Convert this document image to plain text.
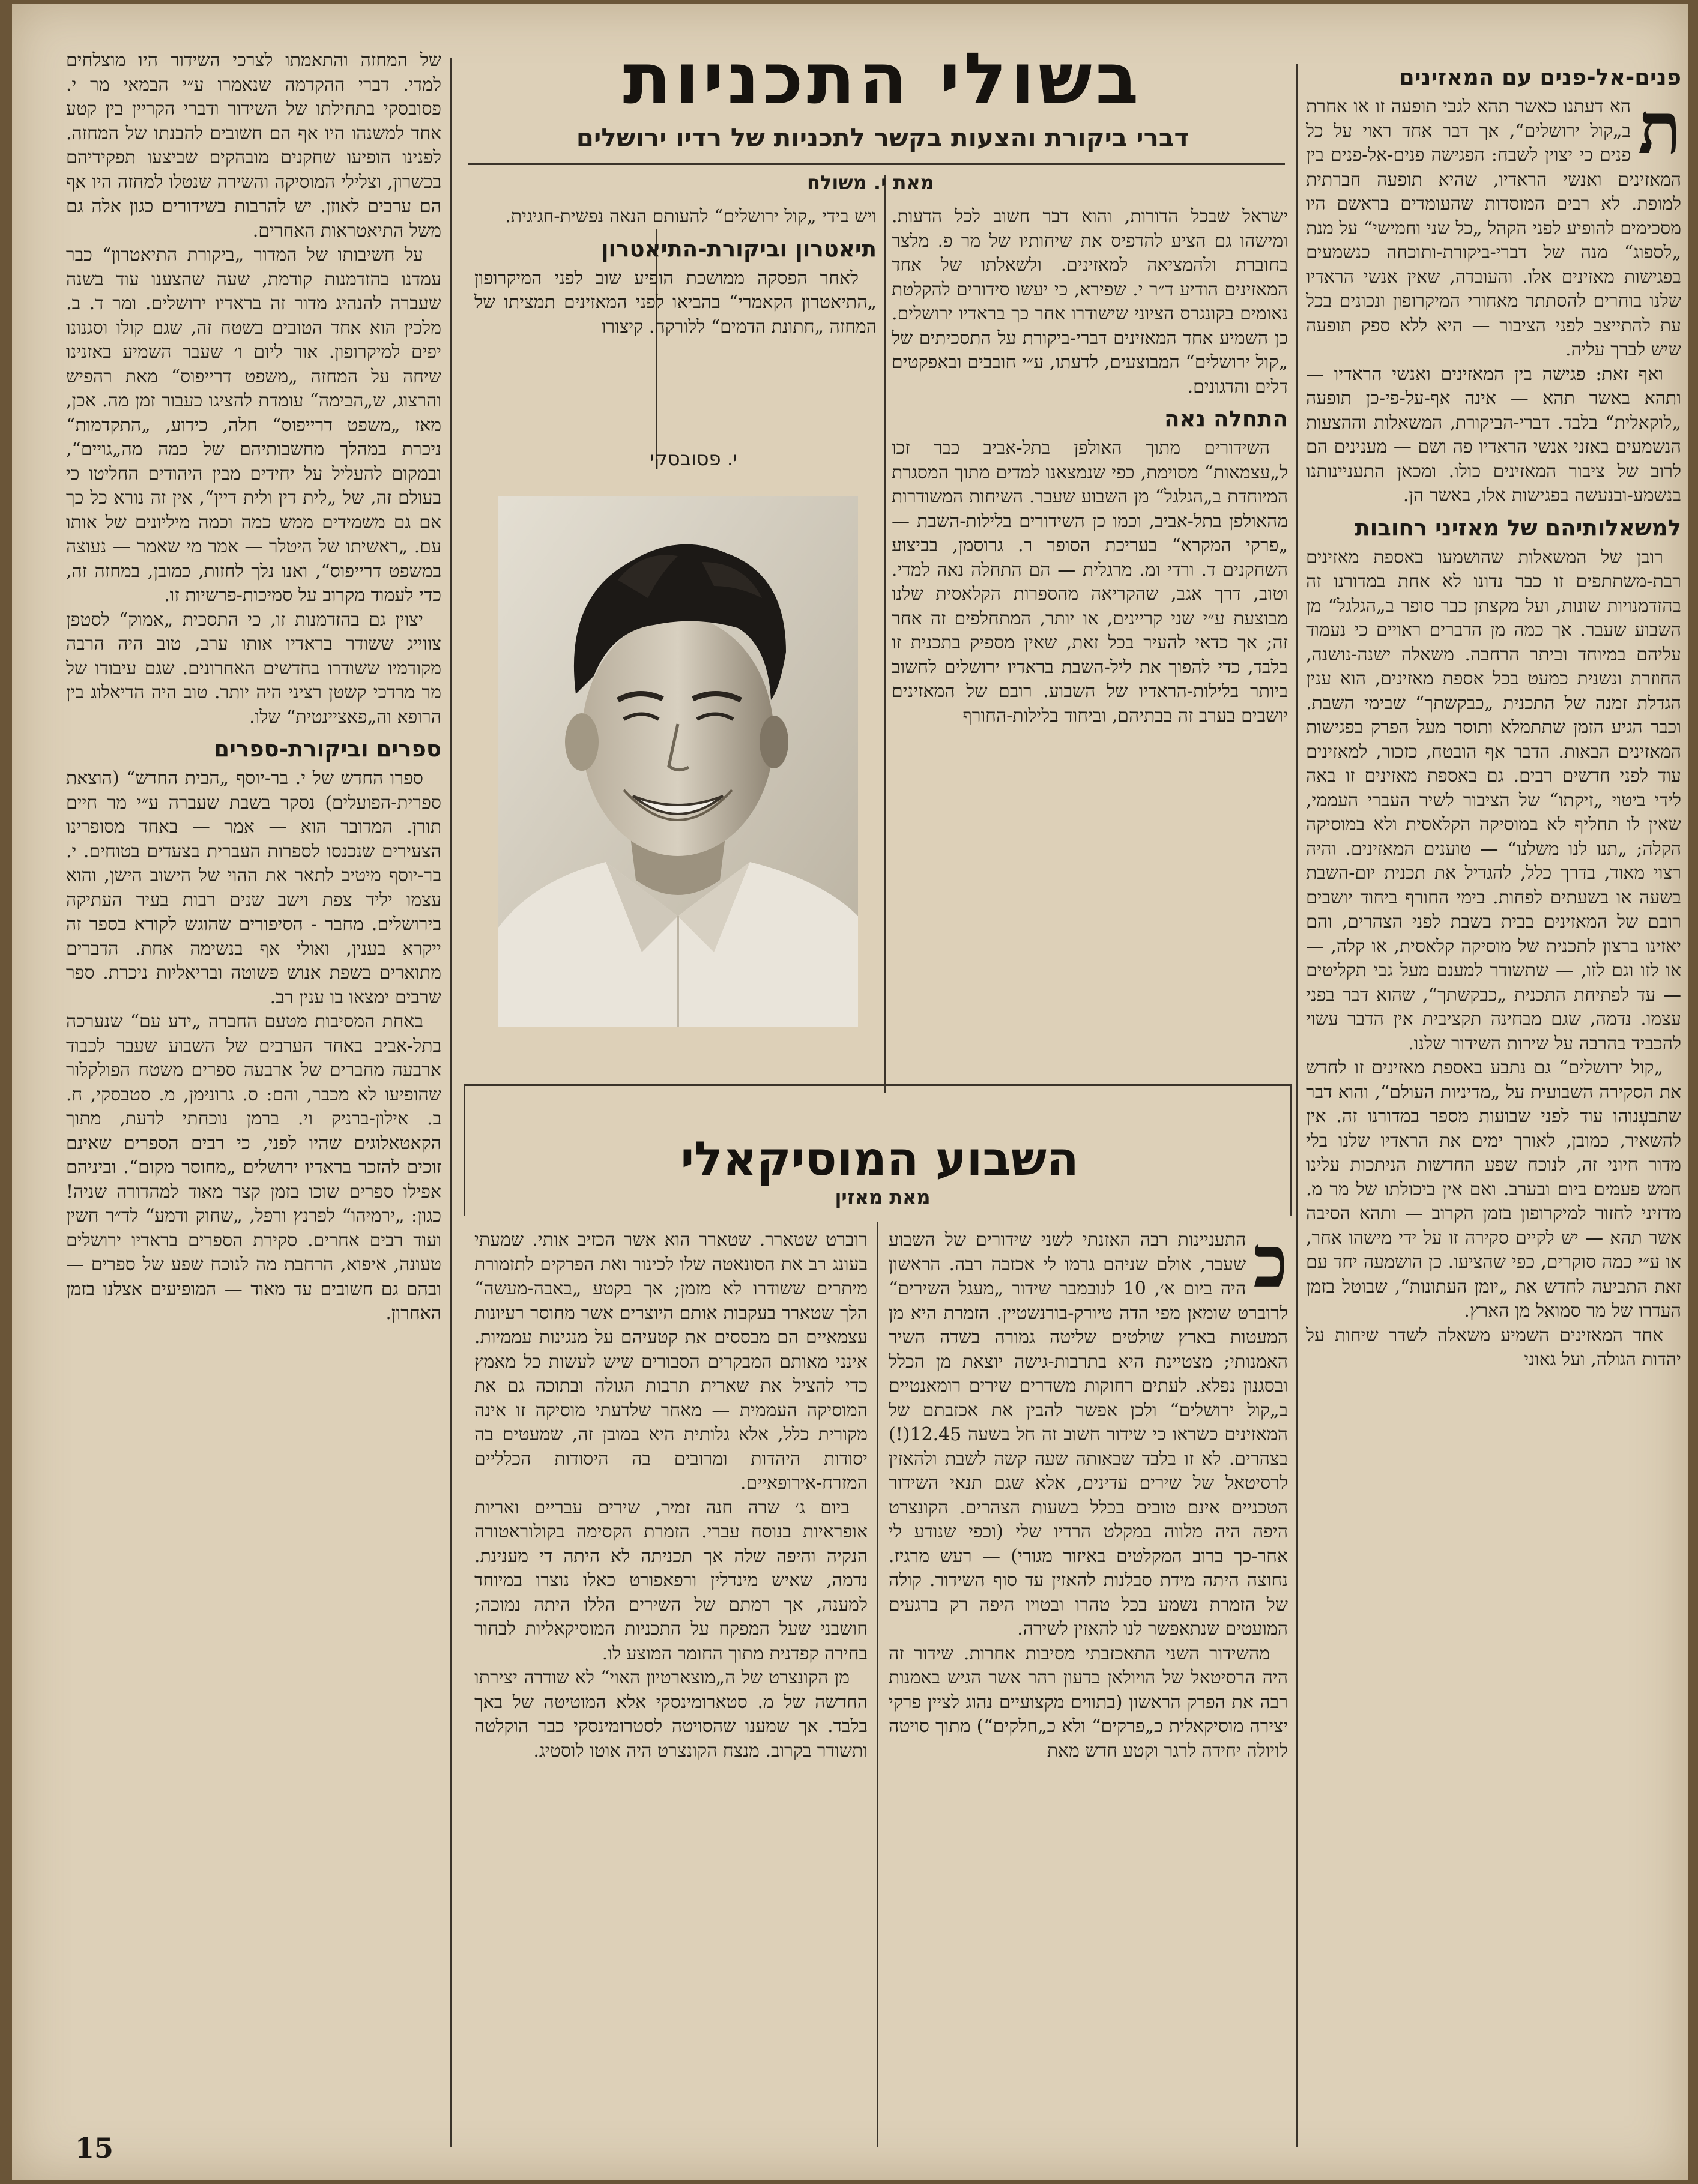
בשולי התכניות
דברי ביקורת והצעות בקשר לתכניות של רדיו ירושלים
מאת י. משולח
פנים-אל-פנים עם המאזינים
ת

הא דעתנו כאשר תהא לגבי תופעה זו או אחרת ב„קול ירושלים“, אך דבר אחד ראוי על כל פנים כי יצוין לשבח: הפגישה פנים-אל-פנים בין המאזינים ואנשי הראדיו, שהיא תופעה חברתית למופת. לא רבים המוסדות שהעומדים בראשם היו מסכימים להופיע לפני הקהל „כל שני וחמישי“ על מנת „לספוג“ מנה של דברי-ביקורת-ותוכחה כנשמעים בפגישות מאזינים אלו. והעובדה, שאין אנשי הראדיו שלנו בוחרים להסתתר מאחורי המיקרופון ונכונים בכל עת להתייצב לפני הציבור — היא ללא ספק תופעה שיש לברך עליה.

ואף זאת: פגישה בין המאזינים ואנשי הראדיו — ותהא באשר תהא — אינה אף-על-פי-כן תופעה „לוקאלית“ בלבד. דברי-הביקורת, המשאלות וההצעות הנשמעים באזני אנשי הראדיו פה ושם — מענינים הם לרוב של ציבור המאזינים כולו. ומכאן התעניינותנו בנשמע-ובנעשה בפגישות אלו, באשר הן.

למשאלותיהם של מאזיני רחובות

רובן של המשאלות שהושמעו באספת מאזינים רבת-משתתפים זו כבר נדונו לא אחת במדורנו זה בהזדמנויות שונות, ועל מקצתן כבר סופר ב„הגלגל“ מן השבוע שעבר. אך כמה מן הדברים ראויים כי נעמוד עליהם במיוחד וביתר הרחבה. משאלה ישנה-נושנה, החוזרת ונשנית כמעט בכל אספת מאזינים, הוא ענין הגדלת זמנה של התכנית „כבקשתך“ שבימי השבת. וכבר הגיע הזמן שתתמלא ותוסר מעל הפרק בפגישות המאזינים הבאות. הדבר אף הובטח, כזכור, למאזינים עוד לפני חדשים רבים. גם באספת מאזינים זו באה לידי ביטוי „זיקתו“ של הציבור לשיר העברי העממי, שאין לו תחליף לא במוסיקה הקלאסית ולא במוסיקה הקלה; „תנו לנו משלנו“ — טוענים המאזינים. והיה רצוי מאוד, בדרך כלל, להגדיל את תכנית יום-השבת בשעה או בשעתים לפחות. בימי החורף ביחוד יושבים רובם של המאזינים בבית בשבת לפני הצהרים, והם יאזינו ברצון לתכנית של מוסיקה קלאסית, או קלה, — או לזו וגם לזו, — שתשודר למענם מעל גבי תקליטים — עד לפתיחת התכנית „כבקשתך“, שהוא דבר בפני עצמו. נדמה, שגם מבחינה תקציבית אין הדבר עשוי להכביד בהרבה על שירות השידור שלנו.

„קול ירושלים“ גם נתבע באספת מאזינים זו לחדש את הסקירה השבועית על „מדיניות העולם“, והוא דבר שתבעְנוהו עוד לפני שבועות מספר במדורנו זה. אין להשאיר, כמובן, לאורך ימים את הראדיו שלנו בלי מדור חיוני זה, לנוכח שפע החדשות הניתכות עלינו חמש פעמים ביום ובערב. ואם אין ביכולתו של מר מ. מדזיני לחזור למיקרופון בזמן הקרוב — ותהא הסיבה אשר תהא — יש לקיים סקירה זו על ידי מישהו אחר, או ע״י כמה סוקרים, כפי שהציעו. כן הושמעה יחד עם זאת התביעה לחדש את „יומן העתונות“, שבוטל בזמן העדרו של מר סמואל מן הארץ.

אחד המאזינים השמיע משאלה לשדר שיחות על יהדות הגולה, ועל גאוני

ישראל שבכל הדורות, והוא דבר חשוב לכל הדעות. ומישהו גם הציע להדפיס את שיחותיו של מר פ. מלצר בחוברת ולהמציאה למאזינים. ולשאלתו של אחד המאזינים הודיע ד״ר י. שפירא, כי יעשו סידורים להקלטת נאומים בקונגרס הציוני שישודרו אחר כך בראדיו ירושלים. כן השמיע אחד המאזינים דברי-ביקורת על התסכיתים של „קול ירושלים“ המבוצעים, לדעתו, ע״י חובבים ובאפקטים דלים והדגונים.

התחלה נאה

השידורים מתוך האולפן בתל-אביב כבר זכו ל„עצמאות“ מסוימת, כפי שנמצאנו למדים מתוך המסגרת המיוחדת ב„הגלגל“ מן השבוע שעבר. השיחות המשודרות מהאולפן בתל-אביב, וכמו כן השידורים בלילות-השבת — „פרקי המקרא“ בעריכת הסופר ר. גרוסמן, בביצוע השחקנים ד. ורדי ומ. מרגלית — הם התחלה נאה למדי. וטוב, דרך אגב, שהקריאה מהספרות הקלאסית שלנו מבוצעת ע״י שני קריינים, או יותר, המתחלפים זה אחר זה; אך כדאי להעיר בכל זאת, שאין מספיק בתכנית זו בלבד, כדי להפוך את ליל-השבת בראדיו ירושלים לחשוב ביותר בלילות-הראדיו של השבוע. רובם של המאזינים יושבים בערב זה בבתיהם, וביחוד בלילות-החורף

ויש בידי „קול ירושלים“ להעותם הנאה נפשית-חגיגית.

תיאטרון וביקורת-התיאטרון

לאחר הפסקה ממושכת הופיע שוב לפני המיקרופון „התיאטרון הקאמרי“ בהביאו לפני המאזינים תמציתו של המחזה „חתונת הדמים“ ללורקה. קיצורו

י. פסובסקי
השבוע המוסיקאלי
מאת מאזין
כ

התעניינות רבה האזנתי לשני שידורים של השבוע שעבר, אולם שניהם גרמו לי אכזבה רבה. הראשון היה ביום א׳, 10 לנובמבר שידור „מעגל השירים“ לרוברט שומאן מפי הדה טיורק-בורנשטיין. הזמרת היא מן המעטות בארץ שולטים שליטה גמורה בשדה השיר האמנותי; מצטיינת היא בתרבות-גישה יוצאת מן הכלל ובסגנון נפלא. לעתים רחוקות משדרים שירים רומאנטיים ב„קול ירושלים“ ולכן אפשר להבין את אכזבתם של המאזינים כשראו כי שידור חשוב זה חל בשעה 12.45(!) בצהרים. לא זו בלבד שבאותה שעה קשה לשבת ולהאזין לרסיטאל של שירים עדינים, אלא שגם תנאי השידור הטכניים אינם טובים בכלל בשעות הצהרים. הקונצרט היפה היה מלווה במקלט הרדיו שלי (וכפי שנודע לי אחר-כך ברוב המקלטים באיזור מגורי) — רעש מרגיז. נחוצה היתה מידת סבלנות להאזין עד סוף השידור. קולה של הזמרת נשמע בכל טהרו ובטויו היפה רק ברגעים המועטים שנתאפשר לנו להאזין לשירה.

מהשידור השני התאכזבתי מסיבות אחרות. שידור זה היה הרסיטאל של הויולאן בדעון רהר אשר הגיש באמנות רבה את הפרק הראשון (בתווים מקצועיים נהוג לציין פרקי יצירה מוסיקאלית כ„פרקים“ ולא כ„חלקים“) מתוך סויטה לויולה יחידה לרגר וקטע חדש מאת

רוברט שטארר. שטארר הוא אשר הכזיב אותי. שמעתי בעונג רב את הסונאטה שלו לכינור ואת הפרקים לתזמורת מיתרים ששודרו לא מזמן; אך בקטע „באבה-מעשה“ הלך שטארר בעקבות אותם היוצרים אשר מחוסר רעיונות עצמאיים הם מבססים את קטעיהם על מנגינות עממיות. אינני מאותם המבקרים הסבורים שיש לעשות כל מאמץ כדי להציל את שארית תרבות הגולה ובתוכה גם את המוסיקה העממית — מאחר שלדעתי מוסיקה זו אינה מקורית כלל, אלא גלותית היא במובן זה, שמעטים בה יסודות היהדות ומרובים בה היסודות הכלליים המזרח-אירופאיים.

ביום ג׳ שרה חנה זמיר, שירים עבריים ואריות אופראיות בנוסח עברי. הזמרת הקסימה בקולוראטורה הנקיה והיפה שלה אך תכניתה לא היתה די מענינת. נדמה, שאיש מינדלין ורפאפורט כאלו נוצרו במיוחד למענה, אך רמתם של השירים הללו היתה נמוכה; חושבני שעל המפקח על התכניות המוסיקאליות לבחור בחירה קפדנית מתוך החומר המוצע לו.

מן הקונצרט של ה„מוצארטיון האוי“ לא שודרה יצירתו החדשה של מ. סטארומינסקי אלא המוטיטה של באך בלבד. אך שמענו שהסויטה לסטרומינסקי כבר הוקלטה ותשודר בקרוב. מנצח הקונצרט היה אוטו לוסטיג.

של המחזה והתאמתו לצרכי השידור היו מוצלחים למדי. דברי ההקדמה שנאמרו ע״י הבמאי מר י. פסובסקי בתחילתו של השידור ודברי הקריין בין קטע אחד למשנהו היו אף הם חשובים להבנתו של המחזה. לפנינו הופיעו שחקנים מובהקים שביצעו תפקידיהם בכשרון, וצלילי המוסיקה והשירה שנטלו למחזה היו אף הם ערבים לאוזן. יש להרבות בשידורים כגון אלה גם משל התיאטראות האחרים.

על חשיבותו של המדור „ביקורת התיאטרון“ כבר עמדנו בהזדמנות קודמת, שעה שהצענו עוד בשנה שעברה להנהיג מדור זה בראדיו ירושלים. ומר ד. ב. מלכין הוא אחד הטובים בשטח זה, שגם קולו וסגנונו יפים למיקרופון. אור ליום ו׳ שעבר השמיע באזנינו שיחה על המחזה „משפט דרייפוס“ מאת רהפיש והרצוג, ש„הבימה“ עומדת להציגו כעבור זמן מה. אכן, מאז „משפט דרייפוס“ חלה, כידוע, „התקדמות“ ניכרת במהלך מחשבותיהם של כמה מה„גויים“, ובמקום להעליל על יחידים מבין היהודים החליטו כי בעולם זה, של „לית דין ולית דיין“, אין זה נורא כל כך אם גם משמידים ממש כמה וכמה מיליונים של אותו עם. „ראשיתו של היטלר — אמר מי שאמר — נעוצה במשפט דרייפוס“, ואנו נלך לחזות, כמובן, במחזה זה, כדי לעמוד מקרוב על סמיכות-פרשיות זו.

יצוין גם בהזדמנות זו, כי התסכית „אמוק“ לסטפן צווייג ששודר בראדיו אותו ערב, טוב היה הרבה מקודמיו ששודרו בחדשים האחרונים. שגם עיבודו של מר מרדכי קשטן רציני היה יותר. טוב היה הדיאלוג בין הרופא וה„פאציינטית“ שלו.

ספרים וביקורת-ספרים

ספרו החדש של י. בר-יוסף „הבית החדש“ (הוצאת ספרית-הפועלים) נסקר בשבת שעברה ע״י מר חיים תורן. המדובר הוא — אמר — באחד מסופרינו הצעירים שנכנסו לספרות העברית בצעדים בטוחים. י. בר-יוסף מיטיב לתאר את ההוי של הישוב הישן, והוא עצמו יליד צפת וישב שנים רבות בעיר העתיקה בירושלים. מחבר - הסיפורים שהוגש לקורא בספר זה ייקרא בענין, ואולי אף בנשימה אחת. הדברים מתוארים בשפת אנוש פשוטה ובריאליות ניכרת. ספר שרבים ימצאו בו ענין רב.

באחת המסיבות מטעם החברה „ידע עם“ שנערכה בתל-אביב באחד הערבים של השבוע שעבר לכבוד ארבעה מחברים של ארבעה ספרים משטח הפולקלור שהופיעו לא מכבר, והם: ס. גרונימן, מ. סטבסקי, ח. ב. אילון-ברניק וי. ברמן נוכחתי לדעת, מתוך הקאטאלוגים שהיו לפני, כי רבים הספרים שאינם זוכים להזכר בראדיו ירושלים „מחוסר מקום“. וביניהם אפילו ספרים שוכו בזמן קצר מאוד למהדורה שניה! כגון: „ירמיהו“ לפרנץ ורפל, „שחוק ודמע“ לד״ר חשין ועוד רבים אחרים. סקירת הספרים בראדיו ירושלים טעונה, איפוא, הרחבת מה לנוכח שפע של ספרים — ובהם גם חשובים עד מאוד — המופיעים אצלנו בזמן האחרון.

15
